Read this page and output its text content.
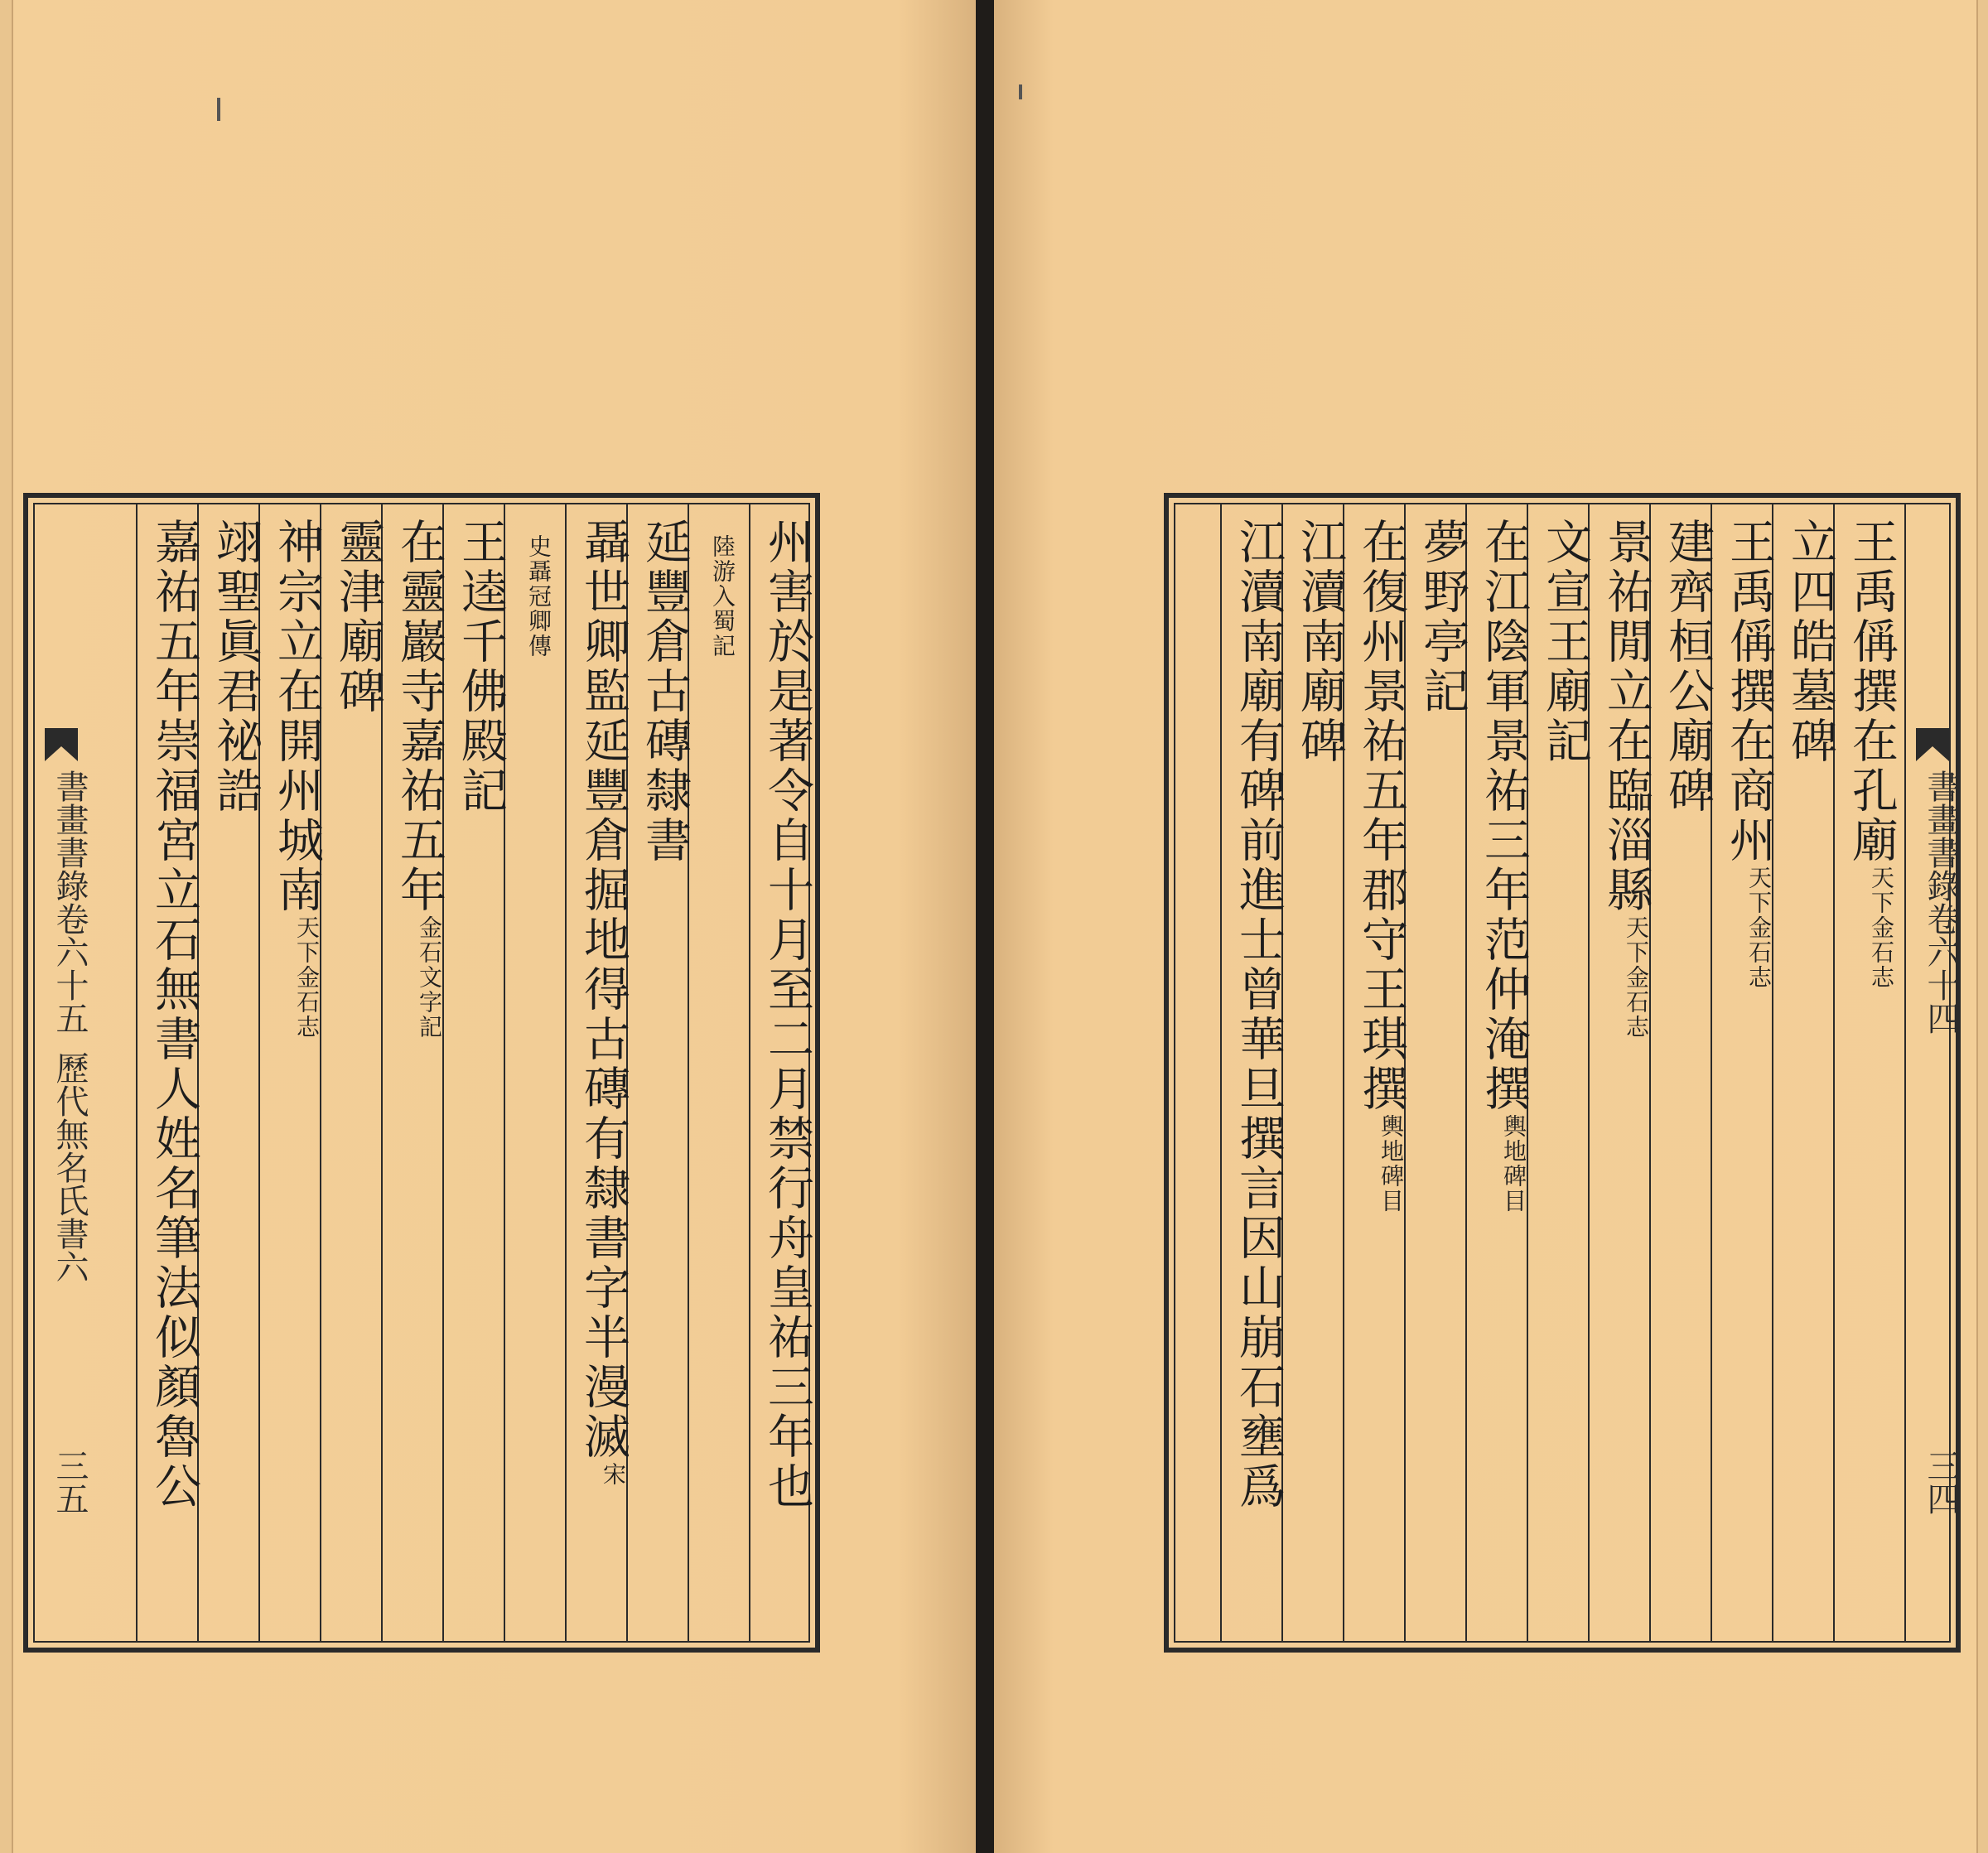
書畫書錄卷六十五
歷代無名氏書六
三五	州害於是著令自十月至二月禁行舟皇祐三年也
陸游入蜀記
延豐倉古磚隸書
聶世卿監延豐倉掘地得古磚有隸書字半漫滅
宋
史聶冠卿傳
王逵千佛殿記
在靈巖寺嘉祐五年
金石文字記
靈津廟碑
神宗立在開州城南
天下金石志
翊聖眞君祕誥
嘉祐五年崇福宮立石無書人姓名筆法似顏魯公	書畫書錄卷六十四
三四
王禹偁撰在孔廟
天下金石志
立四皓墓碑
王禹偁撰在商州
天下金石志
建齊桓公廟碑
景祐閒立在臨淄縣
天下金石志
文宣王廟記
在江陰軍景祐三年范仲淹撰
輿地碑目
夢野亭記
在復州景祐五年郡守王琪撰
輿地碑目
江瀆南廟碑
江瀆南廟有碑前進士曾華旦撰言因山崩石壅爲
